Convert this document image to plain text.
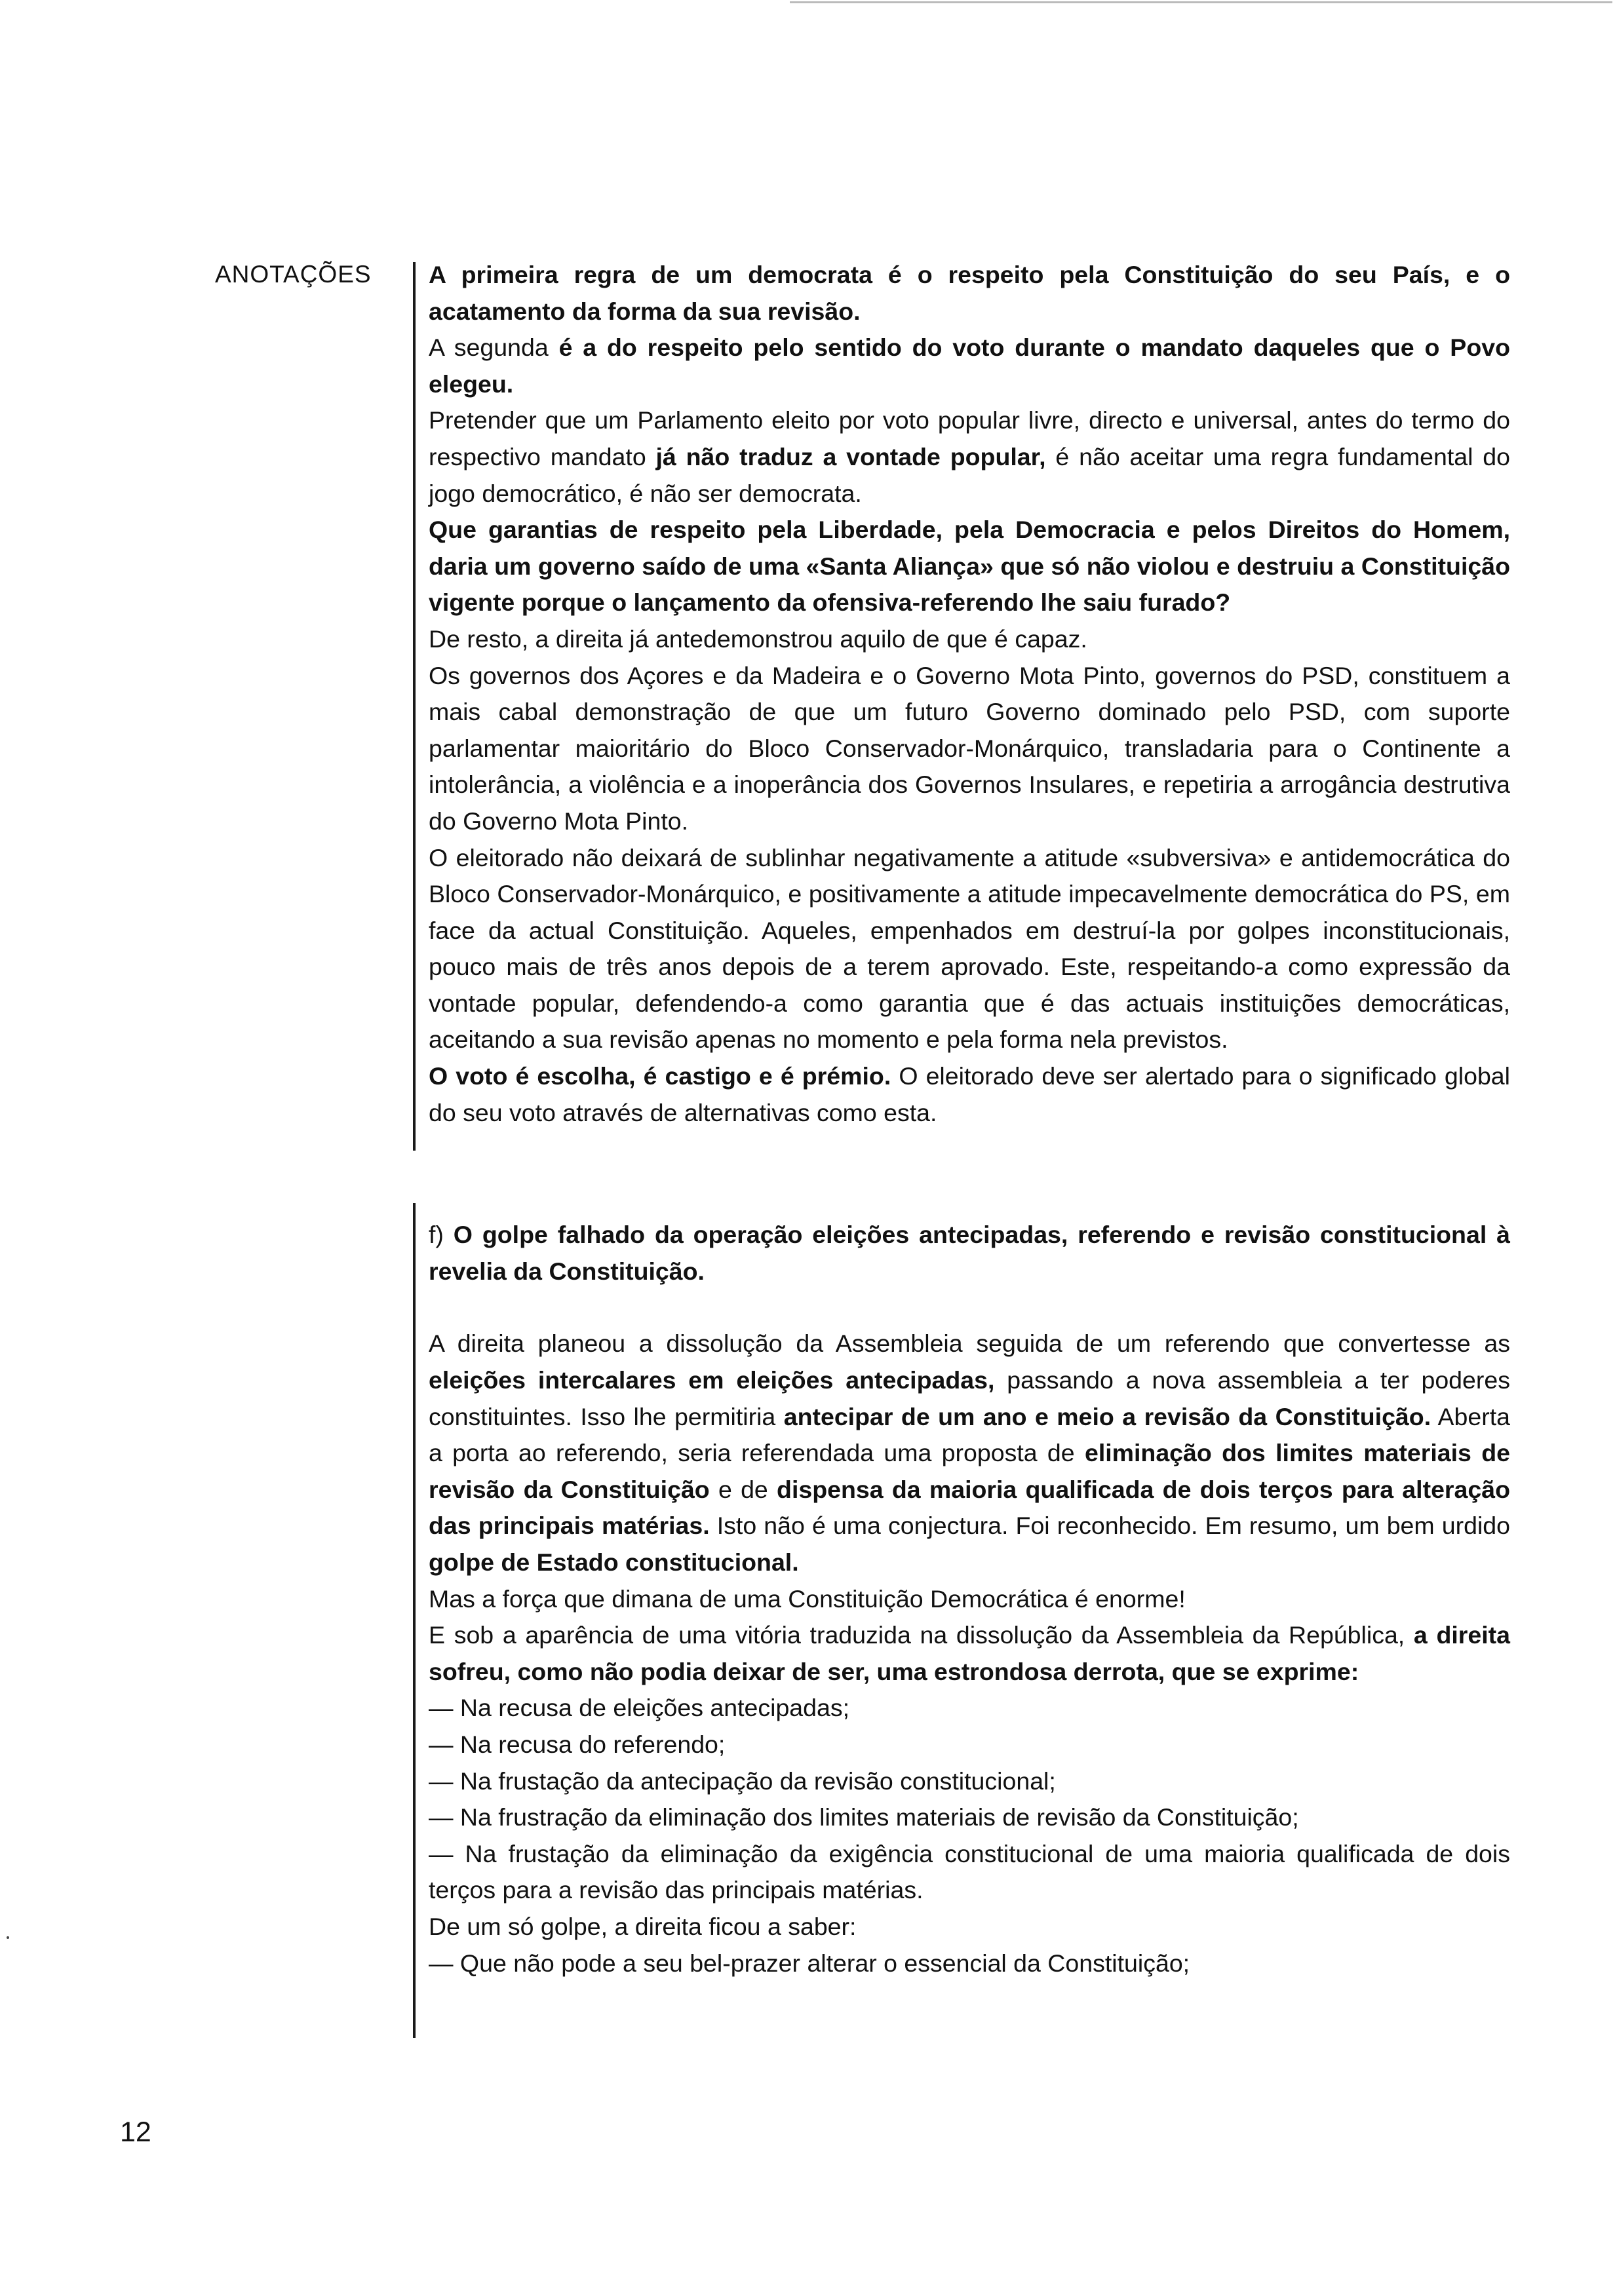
ANOTAÇÕES A primeira regra de um democrata é o respeito pela Constituição do seu País, e o acatamento da forma da sua revisão.

A segunda é a do respeito pelo sentido do voto durante o mandato daqueles que o Povo elegeu.

Pretender que um Parlamento eleito por voto popular livre, directo e universal, antes do termo do respectivo mandato já não traduz a vontade popular, é não aceitar uma regra fundamental do jogo democrático, é não ser democrata.

Que garantias de respeito pela Liberdade, pela Democracia e pelos Direitos do Homem, daria um governo saído de uma «Santa Aliança» que só não violou e destruiu a Constituição vigente porque o lançamento da ofensiva-referendo lhe saiu furado?

De resto, a direita já antedemonstrou aquilo de que é capaz.

Os governos dos Açores e da Madeira e o Governo Mota Pinto, governos do PSD, constituem a mais cabal demonstração de que um futuro Governo dominado pelo PSD, com suporte parlamentar maioritário do Bloco Conservador-Monárquico, transladaria para o Continente a intolerância, a violência e a inoperância dos Governos Insulares, e repetiria a arrogância destrutiva do Governo Mota Pinto.

O eleitorado não deixará de sublinhar negativamente a atitude «subversiva» e antidemocrática do Bloco Conservador-Monárquico, e positivamente a atitude impecavelmente democrática do PS, em face da actual Constituição. Aqueles, empenhados em destruí-la por golpes inconstitucionais, pouco mais de três anos depois de a terem aprovado. Este, respeitando-a como expressão da vontade popular, defendendo-a como garantia que é das actuais instituições democráticas, aceitando a sua revisão apenas no momento e pela forma nela previstos.

O voto é escolha, é castigo e é prémio. O eleitorado deve ser alertado para o significado global do seu voto através de alternativas como esta.

f) O golpe falhado da operação eleições antecipadas, referendo e revisão constitucional à revelia da Constituição.

A direita planeou a dissolução da Assembleia seguida de um referendo que convertesse as eleições intercalares em eleições antecipadas, passando a nova assembleia a ter poderes constituintes. Isso lhe permitiria antecipar de um ano e meio a revisão da Constituição. Aberta a porta ao referendo, seria referendada uma proposta de eliminação dos limites materiais de revisão da Constituição e de dispensa da maioria qualificada de dois terços para alteração das principais matérias. Isto não é uma conjectura. Foi reconhecido. Em resumo, um bem urdido golpe de Estado constitucional.

Mas a força que dimana de uma Constituição Democrática é enorme!

E sob a aparência de uma vitória traduzida na dissolução da Assembleia da República, a direita sofreu, como não podia deixar de ser, uma estrondosa derrota, que se exprime:

— Na recusa de eleições antecipadas;

— Na recusa do referendo;

— Na frustação da antecipação da revisão constitucional;

— Na frustração da eliminação dos limites materiais de revisão da Constituição;

— Na frustação da eliminação da exigência constitucional de uma maioria qualificada de dois terços para a revisão das principais matérias.

De um só golpe, a direita ficou a saber:

— Que não pode a seu bel-prazer alterar o essencial da Constituição;

12
